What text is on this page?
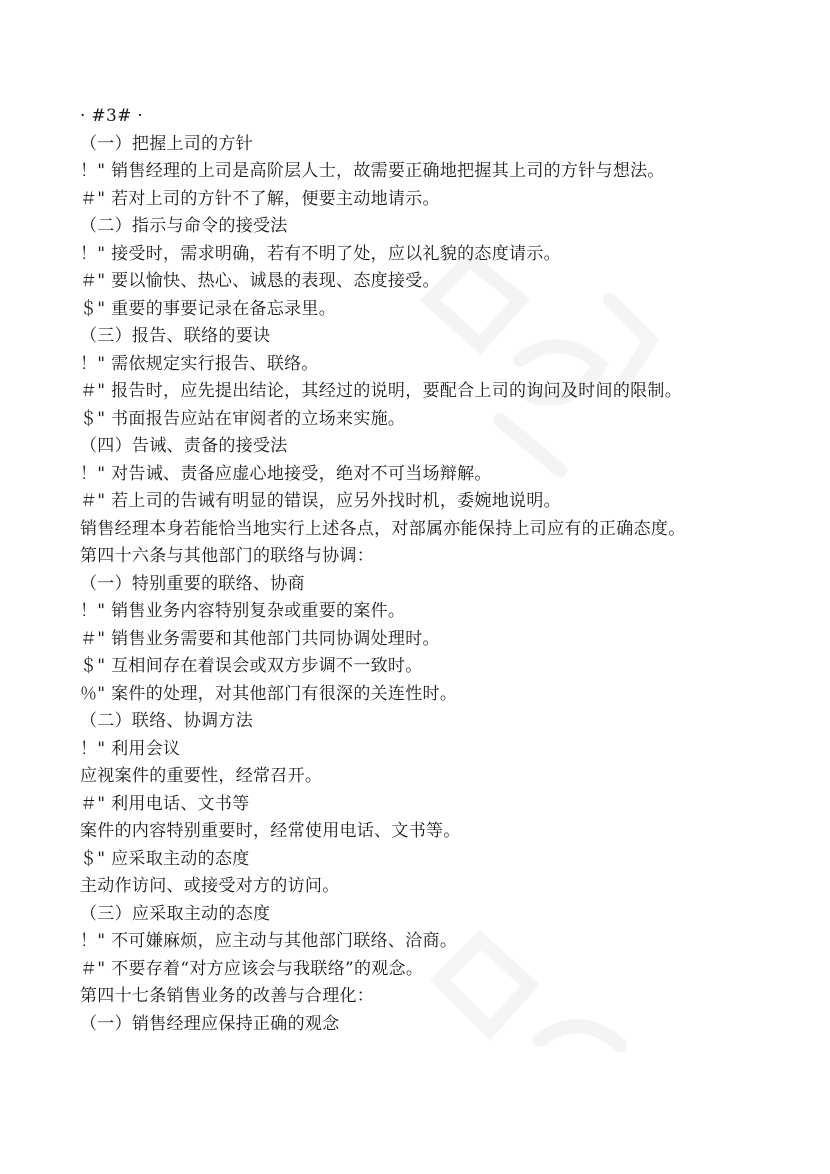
· #3# ·
（一）把握上司的方针
！" 销售经理的上司是高阶层人士，故需要正确地把握其上司的方针与想法。
＃" 若对上司的方针不了解，便要主动地请示。
（二）指示与命令的接受法
！" 接受时，需求明确，若有不明了处，应以礼貌的态度请示。
＃" 要以愉快、热心、诚恳的表现、态度接受。
＄" 重要的事要记录在备忘录里。
（三）报告、联络的要诀
！" 需依规定实行报告、联络。
＃" 报告时，应先提出结论，其经过的说明，要配合上司的询问及时间的限制。
＄" 书面报告应站在审阅者的立场来实施。
（四）告诫、责备的接受法
！" 对告诫、责备应虚心地接受，绝对不可当场辩解。
＃" 若上司的告诫有明显的错误，应另外找时机，委婉地说明。
销售经理本身若能恰当地实行上述各点，对部属亦能保持上司应有的正确态度。
第四十六条与其他部门的联络与协调：
（一）特别重要的联络、协商
！" 销售业务内容特别复杂或重要的案件。
＃" 销售业务需要和其他部门共同协调处理时。
＄" 互相间存在着误会或双方步调不一致时。
％" 案件的处理，对其他部门有很深的关连性时。
（二）联络、协调方法
！" 利用会议
应视案件的重要性，经常召开。
＃" 利用电话、文书等
案件的内容特别重要时，经常使用电话、文书等。
＄" 应采取主动的态度
主动作访问、或接受对方的访问。
（三）应采取主动的态度
！" 不可嫌麻烦，应主动与其他部门联络、洽商。
＃" 不要存着“对方应该会与我联络”的观念。
第四十七条销售业务的改善与合理化：
（一）销售经理应保持正确的观念
